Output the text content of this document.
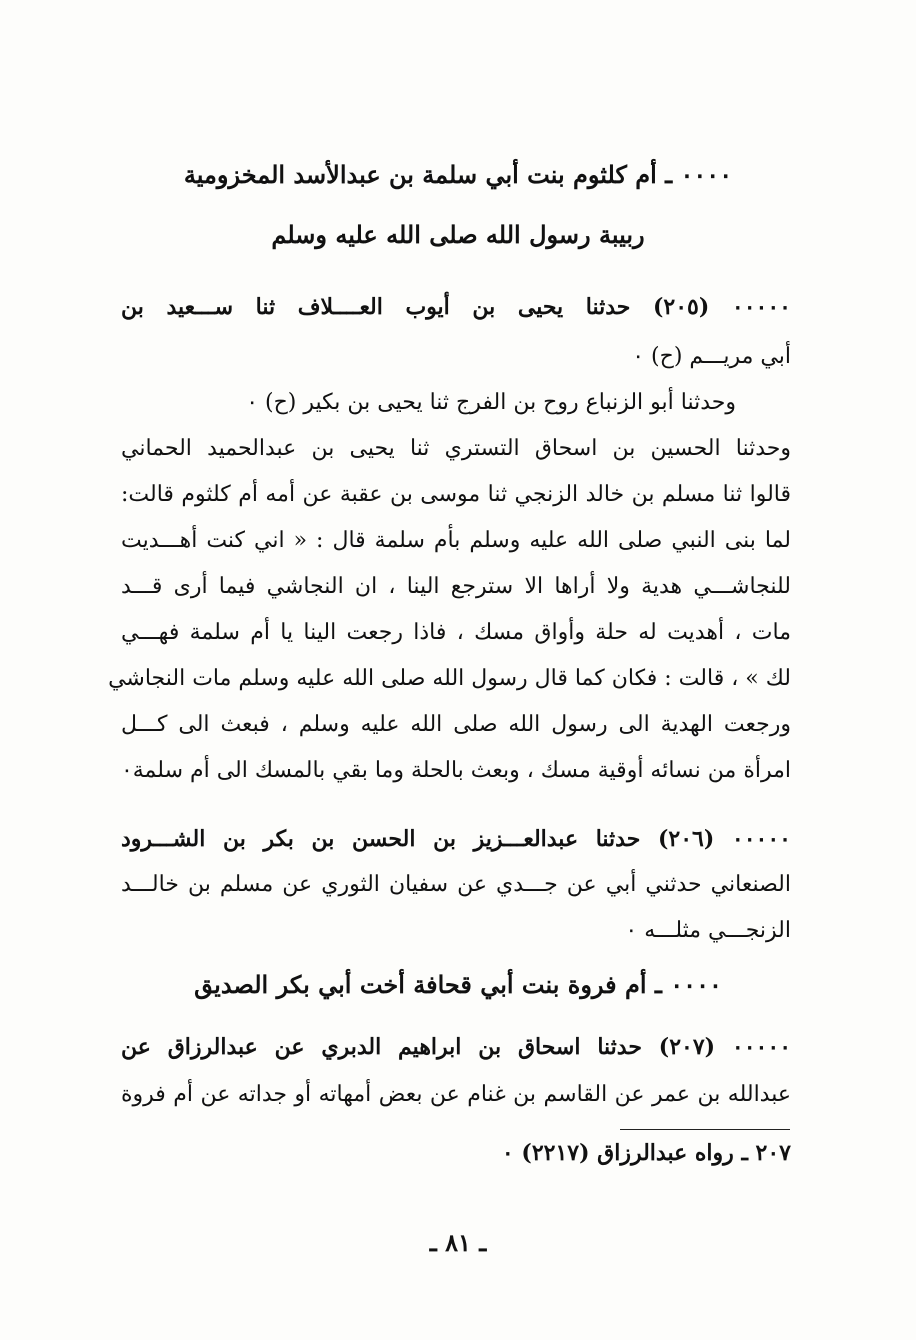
٠٠٠٠ ـ أم كلثوم بنت أبي سلمة بن عبدالأسد المخزومية
ربيبة رسول الله صلى الله عليه وسلم
٠٠٠٠٠ (٢٠٥) حدثنا يحيى بن أيوب العــــلاف ثنا ســـعيد بن
أبي مريـــم (ح) ٠
وحدثنا أبو الزنباع روح بن الفرج ثنا يحيى بن بكير (ح) ٠
وحدثنا الحسين بن اسحاق التستري ثنا يحيى بن عبدالحميد الحماني
قالوا ثنا مسلم بن خالد الزنجي ثنا موسى بن عقبة عن أمه أم كلثوم قالت:
لما بنى النبي صلى الله عليه وسلم بأم سلمة قال : « اني كنت أهـــديت
للنجاشـــي هدية ولا أراها الا سترجع الينا ، ان النجاشي فيما أرى قـــد
مات ، أهديت له حلة وأواق مسك ، فاذا رجعت الينا يا أم سلمة فهـــي
لك » ، قالت : فكان كما قال رسول الله صلى الله عليه وسلم مات النجاشي
ورجعت الهدية الى رسول الله صلى الله عليه وسلم ، فبعث الى كـــل
امرأة من نسائه أوقية مسك ، وبعث بالحلة وما بقي بالمسك الى أم سلمة٠
٠٠٠٠٠ (٢٠٦) حدثنا عبدالعـــزيز بن الحسن بن بكر بن الشـــرود
الصنعاني حدثني أبي عن جـــدي عن سفيان الثوري عن مسلم بن خالـــد
الزنجـــي مثلـــه ٠
٠٠٠٠ ـ أم فروة بنت أبي قحافة أخت أبي بكر الصديق
٠٠٠٠٠ (٢٠٧) حدثنا اسحاق بن ابراهيم الدبري عن عبدالرزاق عن
عبدالله بن عمر عن القاسم بن غنام عن بعض أمهاته أو جداته عن أم فروة
٢٠٧ ـ رواه عبدالرزاق (٢٢١٧) ٠
ـ ٨١ ـ
